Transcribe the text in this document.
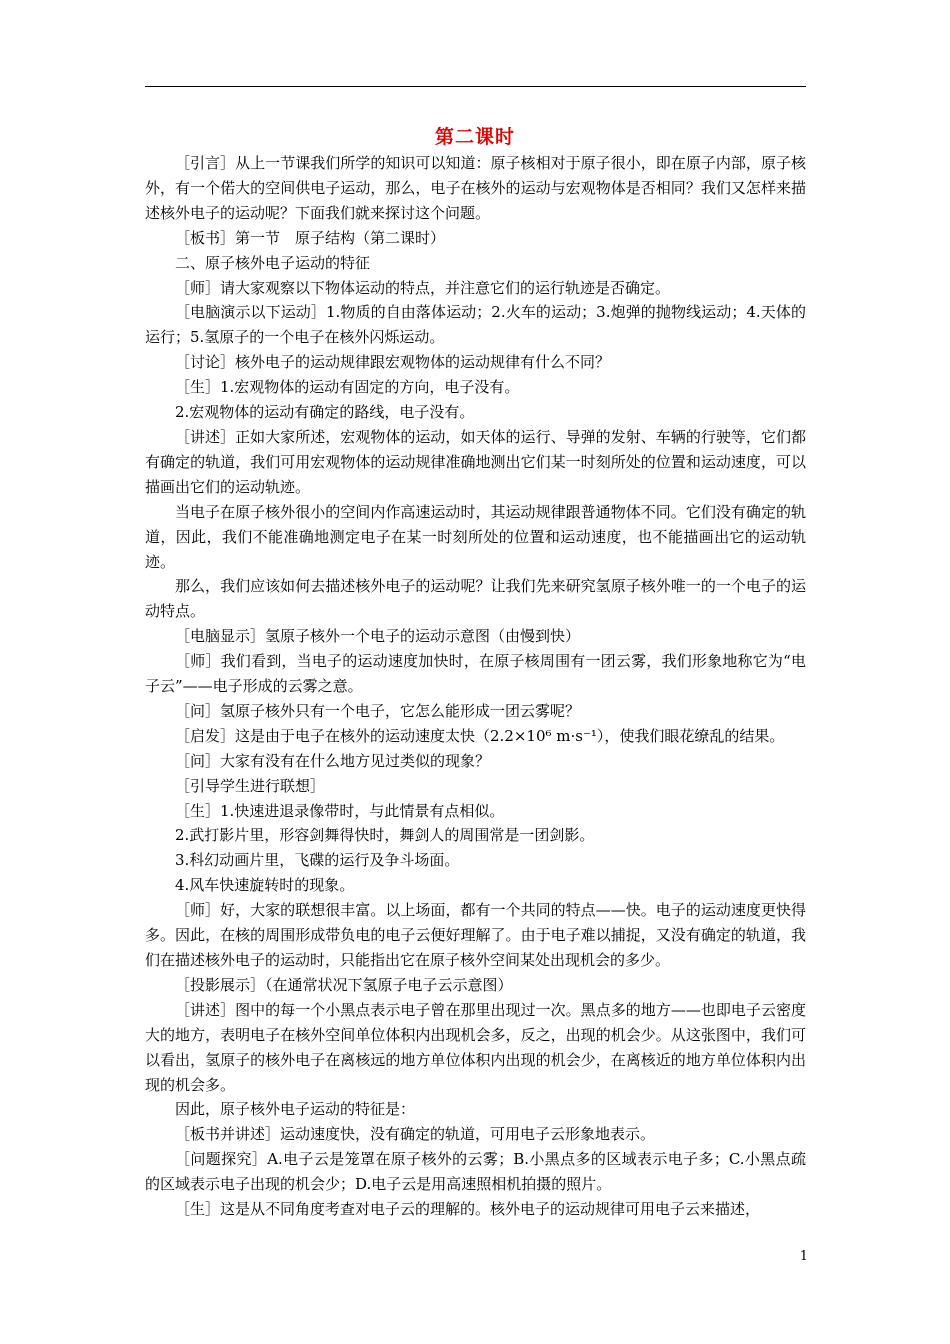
第二课时

［引言］从上一节课我们所学的知识可以知道：原子核相对于原子很小，即在原子内部，原子核外，有一个偌大的空间供电子运动，那么，电子在核外的运动与宏观物体是否相同？我们又怎样来描述核外电子的运动呢？下面我们就来探讨这个问题。

［板书］第一节　原子结构（第二课时）

二、原子核外电子运动的特征

［师］请大家观察以下物体运动的特点，并注意它们的运行轨迹是否确定。

［电脑演示以下运动］1.物质的自由落体运动；2.火车的运动；3.炮弹的抛物线运动；4.天体的运行；5.氢原子的一个电子在核外闪烁运动。

［讨论］核外电子的运动规律跟宏观物体的运动规律有什么不同？

［生］1.宏观物体的运动有固定的方向，电子没有。

2.宏观物体的运动有确定的路线，电子没有。

［讲述］正如大家所述，宏观物体的运动，如天体的运行、导弹的发射、车辆的行驶等，它们都有确定的轨道，我们可用宏观物体的运动规律准确地测出它们某一时刻所处的位置和运动速度，可以描画出它们的运动轨迹。

当电子在原子核外很小的空间内作高速运动时，其运动规律跟普通物体不同。它们没有确定的轨道，因此，我们不能准确地测定电子在某一时刻所处的位置和运动速度，也不能描画出它的运动轨迹。

那么，我们应该如何去描述核外电子的运动呢？让我们先来研究氢原子核外唯一的一个电子的运动特点。

［电脑显示］氢原子核外一个电子的运动示意图（由慢到快）

［师］我们看到，当电子的运动速度加快时，在原子核周围有一团云雾，我们形象地称它为“电子云”——电子形成的云雾之意。

［问］氢原子核外只有一个电子，它怎么能形成一团云雾呢？

［启发］这是由于电子在核外的运动速度太快（2.2×10⁶ m·s⁻¹），使我们眼花缭乱的结果。

［问］大家有没有在什么地方见过类似的现象？

［引导学生进行联想］

［生］1.快速进退录像带时，与此情景有点相似。

2.武打影片里，形容剑舞得快时，舞剑人的周围常是一团剑影。

3.科幻动画片里，飞碟的运行及争斗场面。

4.风车快速旋转时的现象。

［师］好，大家的联想很丰富。以上场面，都有一个共同的特点——快。电子的运动速度更快得多。因此，在核的周围形成带负电的电子云便好理解了。由于电子难以捕捉，又没有确定的轨道，我们在描述核外电子的运动时，只能指出它在原子核外空间某处出现机会的多少。

［投影展示］（在通常状况下氢原子电子云示意图）

［讲述］图中的每一个小黑点表示电子曾在那里出现过一次。黑点多的地方——也即电子云密度大的地方，表明电子在核外空间单位体积内出现机会多，反之，出现的机会少。从这张图中，我们可以看出，氢原子的核外电子在离核远的地方单位体积内出现的机会少，在离核近的地方单位体积内出现的机会多。

因此，原子核外电子运动的特征是：

［板书并讲述］运动速度快，没有确定的轨道，可用电子云形象地表示。

［问题探究］A.电子云是笼罩在原子核外的云雾；B.小黑点多的区域表示电子多；C.小黑点疏的区域表示电子出现的机会少；D.电子云是用高速照相机拍摄的照片。

［生］这是从不同角度考查对电子云的理解的。核外电子的运动规律可用电子云来描述，

1
